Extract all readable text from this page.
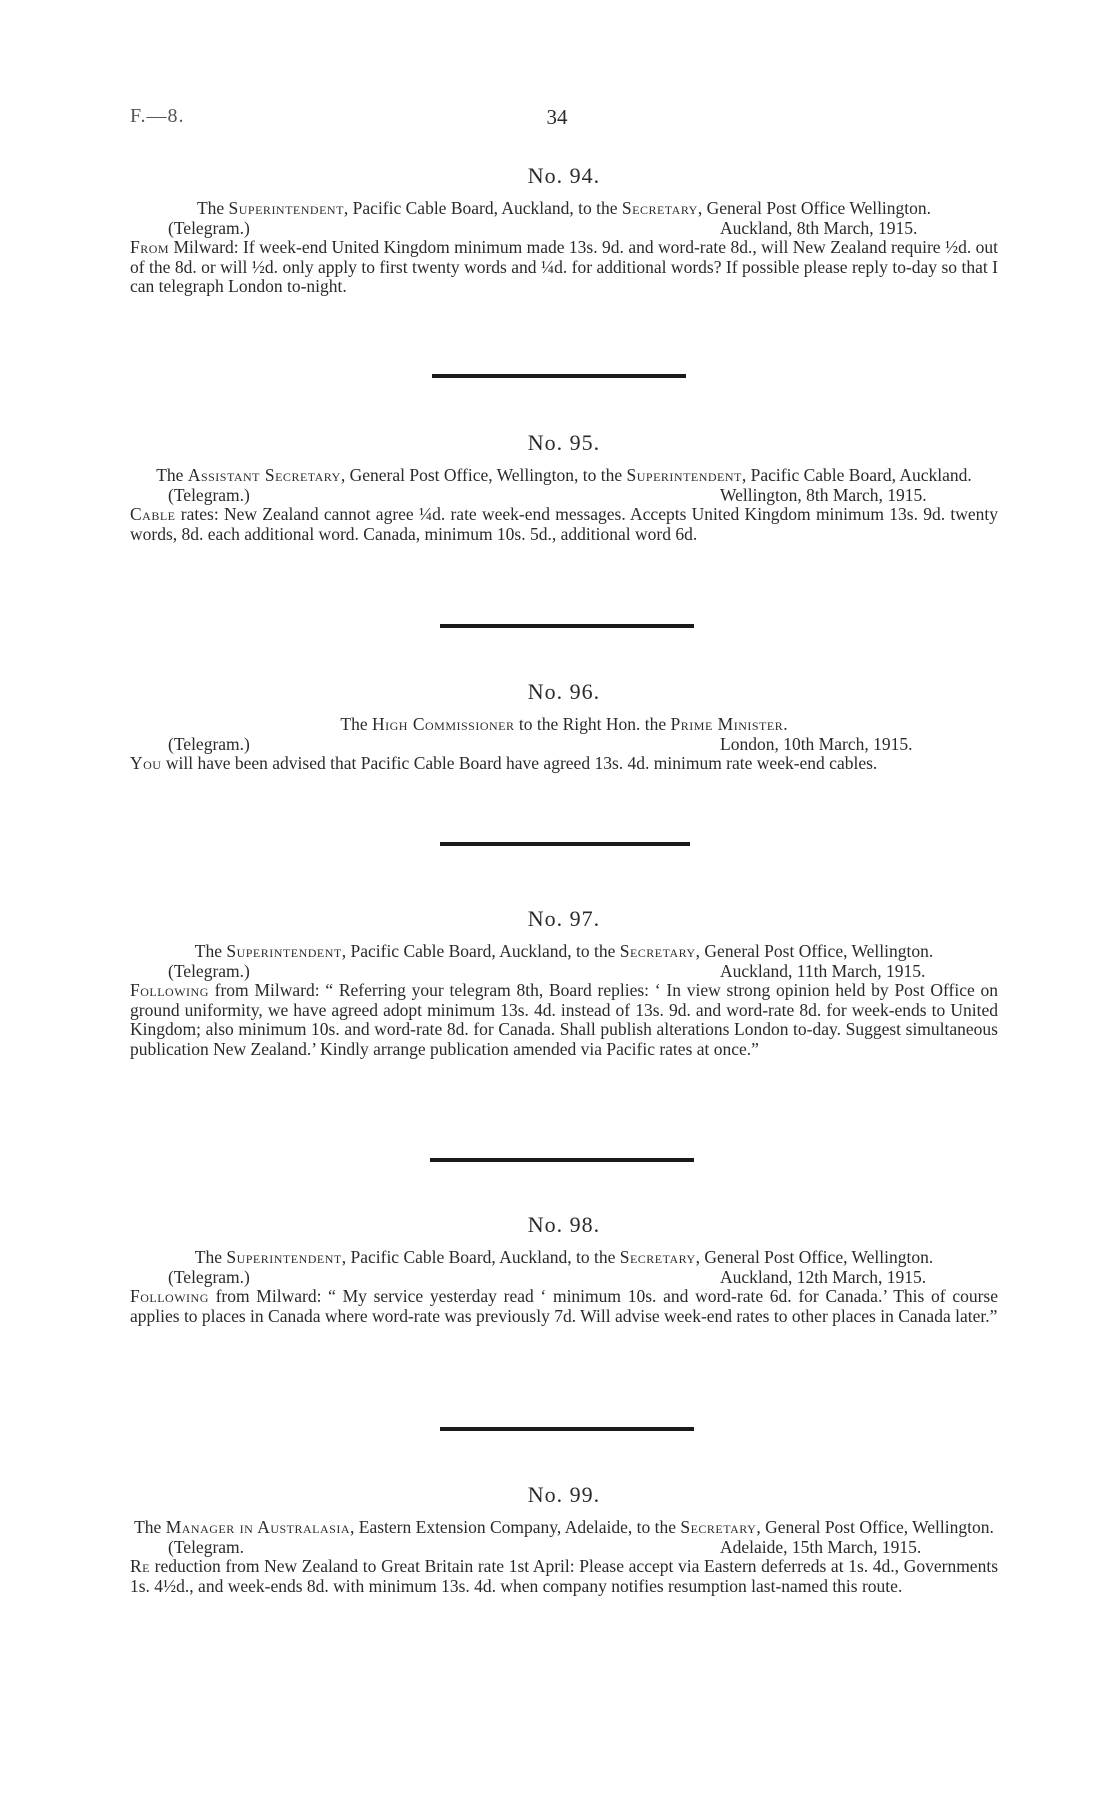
F.—8.	34
No. 94.

The Superintendent, Pacific Cable Board, Auckland, to the Secretary, General Post Office Wellington.

(Telegram.)	Auckland, 8th March, 1915.

From Milward: If week-end United Kingdom minimum made 13s. 9d. and word-rate 8d., will New Zealand require ½d. out of the 8d. or will ½d. only apply to first twenty words and ¼d. for additional words? If possible please reply to-day so that I can telegraph London to-night.

No. 95.

The Assistant Secretary, General Post Office, Wellington, to the Superintendent, Pacific Cable Board, Auckland.

(Telegram.)	Wellington, 8th March, 1915.

Cable rates: New Zealand cannot agree ¼d. rate week-end messages. Accepts United Kingdom minimum 13s. 9d. twenty words, 8d. each additional word. Canada, minimum 10s. 5d., additional word 6d.

No. 96.

The High Commissioner to the Right Hon. the Prime Minister.

(Telegram.)	London, 10th March, 1915.

You will have been advised that Pacific Cable Board have agreed 13s. 4d. minimum rate week-end cables.

No. 97.

The Superintendent, Pacific Cable Board, Auckland, to the Secretary, General Post Office, Wellington.

(Telegram.)	Auckland, 11th March, 1915.

Following from Milward: “ Referring your telegram 8th, Board replies: ‘ In view strong opinion held by Post Office on ground uniformity, we have agreed adopt minimum 13s. 4d. instead of 13s. 9d. and word-rate 8d. for week-ends to United Kingdom; also minimum 10s. and word-rate 8d. for Canada. Shall publish alterations London to-day. Suggest simultaneous publication New Zealand.’ Kindly arrange publication amended via Pacific rates at once.”

No. 98.

The Superintendent, Pacific Cable Board, Auckland, to the Secretary, General Post Office, Wellington.

(Telegram.)	Auckland, 12th March, 1915.

Following from Milward: “ My service yesterday read ‘ minimum 10s. and word-rate 6d. for Canada.’ This of course applies to places in Canada where word-rate was previously 7d. Will advise week-end rates to other places in Canada later.”

No. 99.

The Manager in Australasia, Eastern Extension Company, Adelaide, to the Secretary, General Post Office, Wellington.

(Telegram.	Adelaide, 15th March, 1915.

Re reduction from New Zealand to Great Britain rate 1st April: Please accept via Eastern deferreds at 1s. 4d., Governments 1s. 4½d., and week-ends 8d. with minimum 13s. 4d. when company notifies resumption last-named this route.
